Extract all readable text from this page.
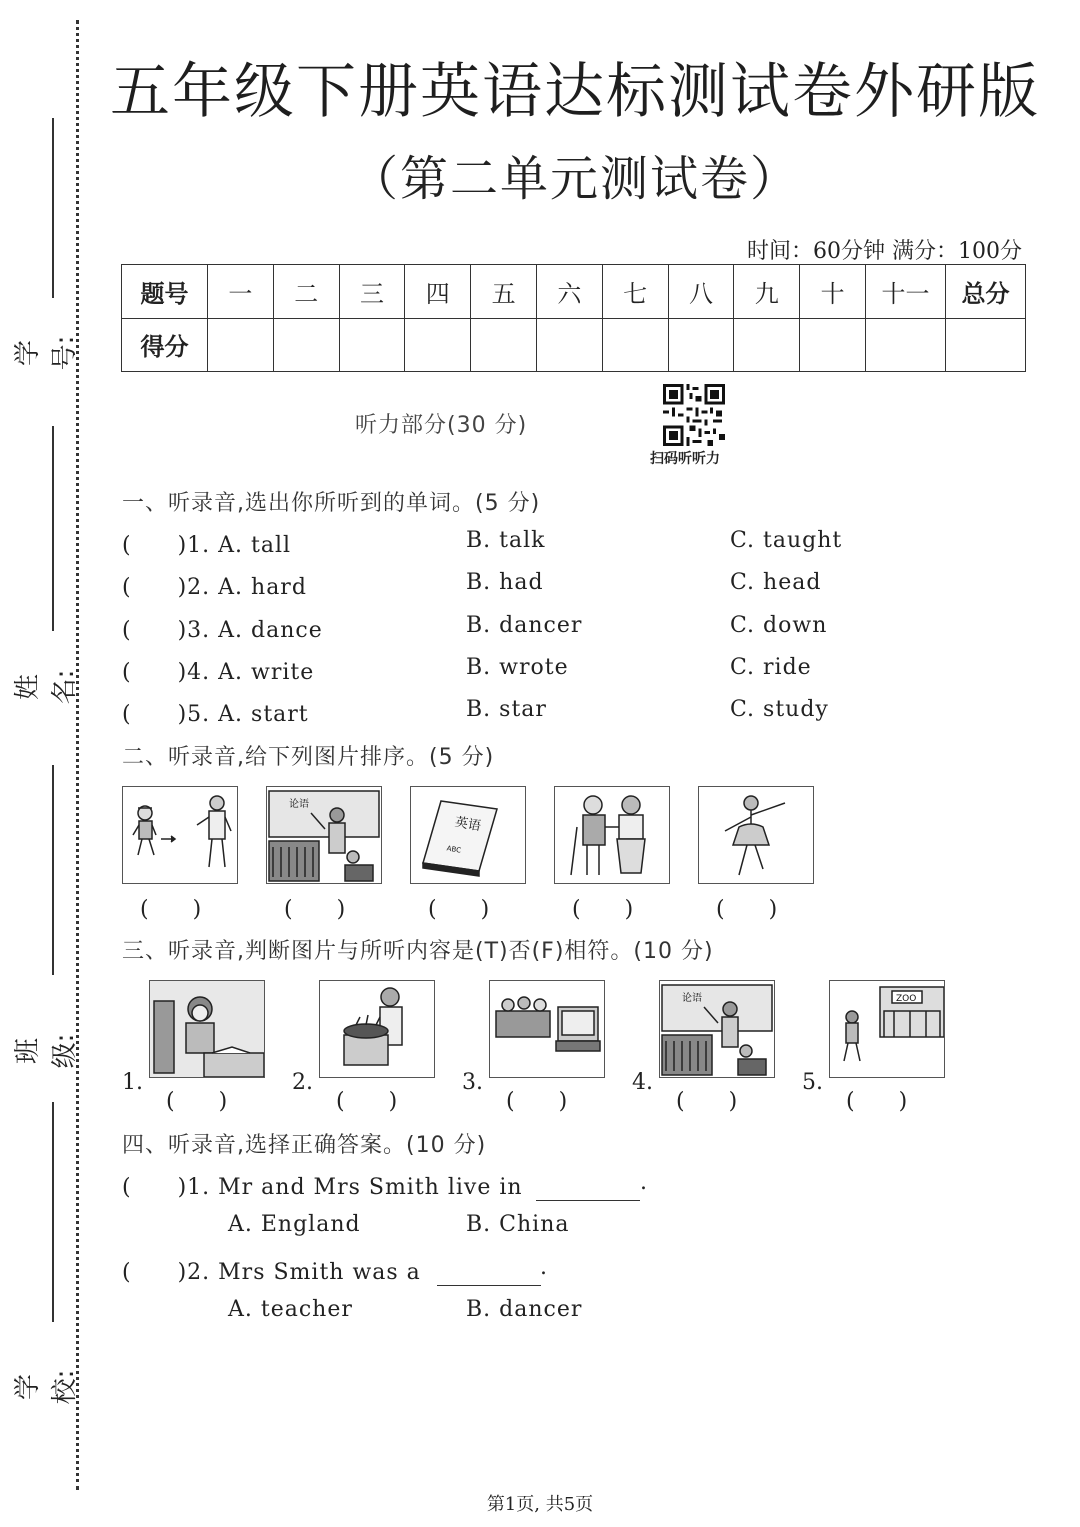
学号:
姓名:
班级:
学校:
五年级下册英语达标测试卷外研版
（第二单元测试卷）
时间：60分钟 满分：100分
题号	一	二	三	四	五	六	七	八	九	十	十一	总分
得分												
听力部分(30 分)
扫码听听力
一、听录音,选出你所听到的单词。(5 分)
(　　)1. A. tall	B. talk	C. taught
(　　)2. A. hard	B. had	C. head
(　　)3. A. dance	B. dancer	C. down
(　　)4. A. write	B. wrote	C. ride
(　　)5. A. start	B. star	C. study
二、听录音,给下列图片排序。(5 分)
(　　)
论语
(　　)
英语
ABC
(　　)	(　　)	(　　)
三、听录音,判断图片与所听内容是(T)否(F)相符。(10 分)
1.
(　　)
2.
(　　)
3.
(　　)
4.
论语
(　　)
5.
ZOO
(　　)
四、听录音,选择正确答案。(10 分)
(　　)1. Mr and Mrs Smith live in	.
A. England	B. China
(　　)2. Mrs Smith was a	.
A. teacher	B. dancer
第1页, 共5页
